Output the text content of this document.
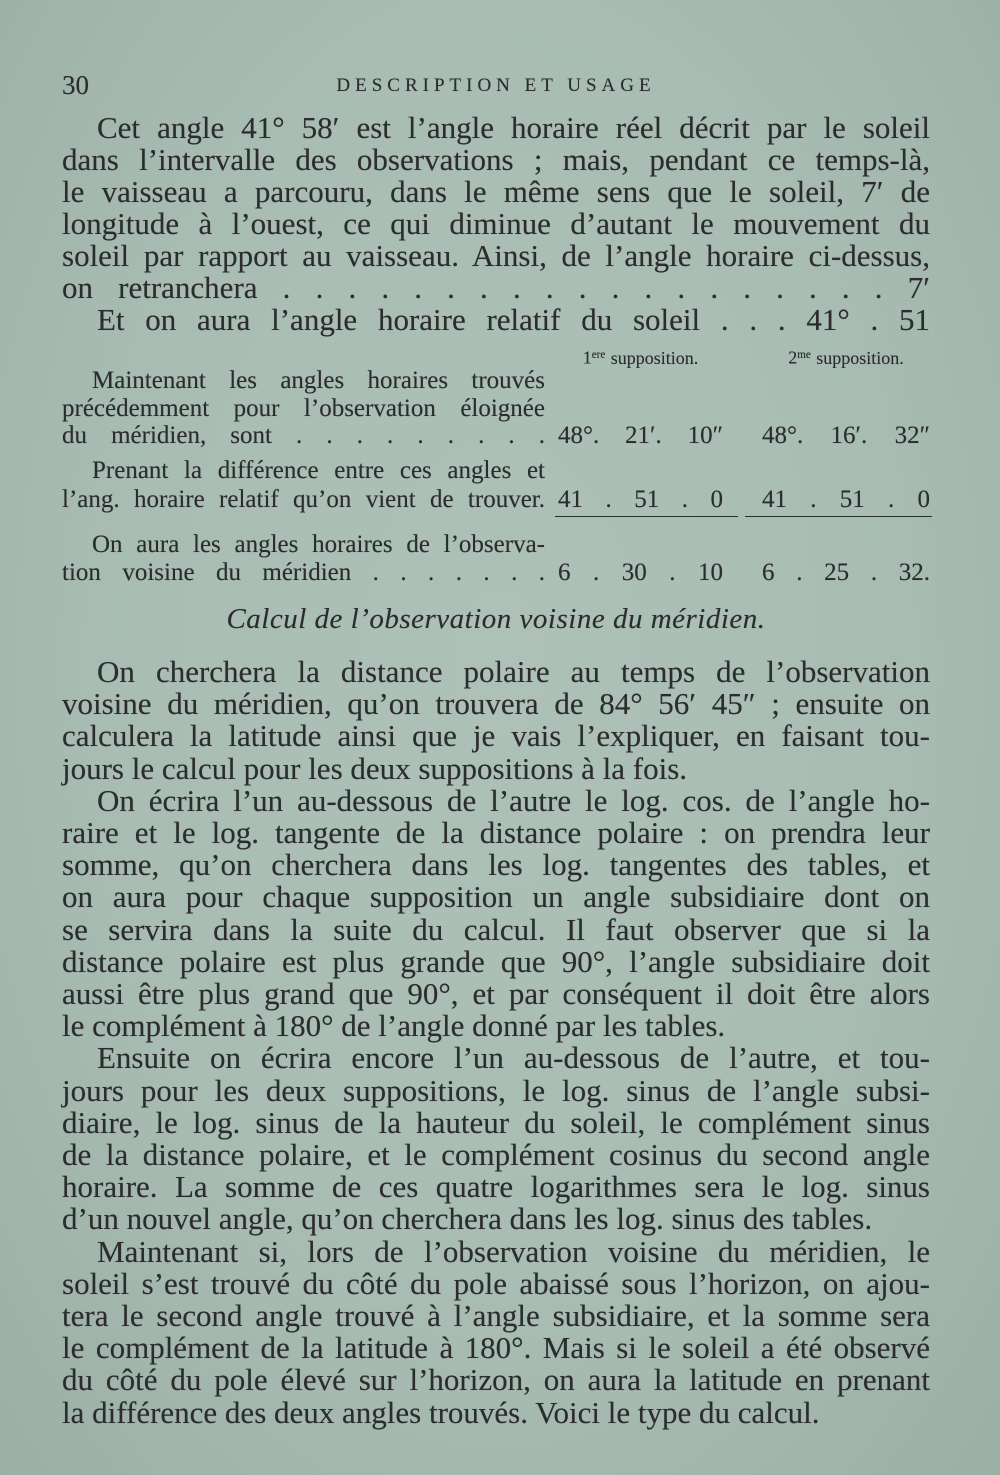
30	DESCRIPTION ET USAGE
Cet angle 41° 58′ est l’angle horaire réel décrit par le soleil
dans l’intervalle des observations ; mais, pendant ce temps-là,
le vaisseau a parcouru, dans le même sens que le soleil, 7′ de
longitude à l’ouest, ce qui diminue d’autant le mouvement du
soleil par rapport au vaisseau. Ainsi, de l’angle horaire ci-dessus,
on retranchera . . . . . . . . . . . . . . . . . . . 7′
Et on aura l’angle horaire relatif du soleil . . . 41° . 51
1ere supposition.	$2^{me}$ supposition.
Maintenant les angles horaires trouvés
précédemment pour l’observation éloignée
du méridien, sont . . . . . . . . . 48°. 21′. 10″ 48°. 16′. 32″
Prenant la différence entre ces angles et
l’ang. horaire relatif qu’on vient de trouver. 41 . 51 . 0 41 . 51 . 0
On aura les angles horaires de l’observa-
tion voisine du méridien . . . . . . . 6 . 30 . 10 6 . 25 . 32.
Calcul de l’observation voisine du méridien.
On cherchera la distance polaire au temps de l’observation
voisine du méridien, qu’on trouvera de 84° 56′ 45″ ; ensuite on
calculera la latitude ainsi que je vais l’expliquer, en faisant tou-
jours le calcul pour les deux suppositions à la fois.
On écrira l’un au-dessous de l’autre le log. cos. de l’angle ho-
raire et le log. tangente de la distance polaire : on prendra leur
somme, qu’on cherchera dans les log. tangentes des tables, et
on aura pour chaque supposition un angle subsidiaire dont on
se servira dans la suite du calcul. Il faut observer que si la
distance polaire est plus grande que 90°, l’angle subsidiaire doit
aussi être plus grand que 90°, et par conséquent il doit être alors
le complément à 180° de l’angle donné par les tables.
Ensuite on écrira encore l’un au-dessous de l’autre, et tou-
jours pour les deux suppositions, le log. sinus de l’angle subsi-
diaire, le log. sinus de la hauteur du soleil, le complément sinus
de la distance polaire, et le complément cosinus du second angle
horaire. La somme de ces quatre logarithmes sera le log. sinus
d’un nouvel angle, qu’on cherchera dans les log. sinus des tables.
Maintenant si, lors de l’observation voisine du méridien, le
soleil s’est trouvé du côté du pole abaissé sous l’horizon, on ajou-
tera le second angle trouvé à l’angle subsidiaire, et la somme sera
le complément de la latitude à 180°. Mais si le soleil a été observé
du côté du pole élevé sur l’horizon, on aura la latitude en prenant
la différence des deux angles trouvés. Voici le type du calcul.
